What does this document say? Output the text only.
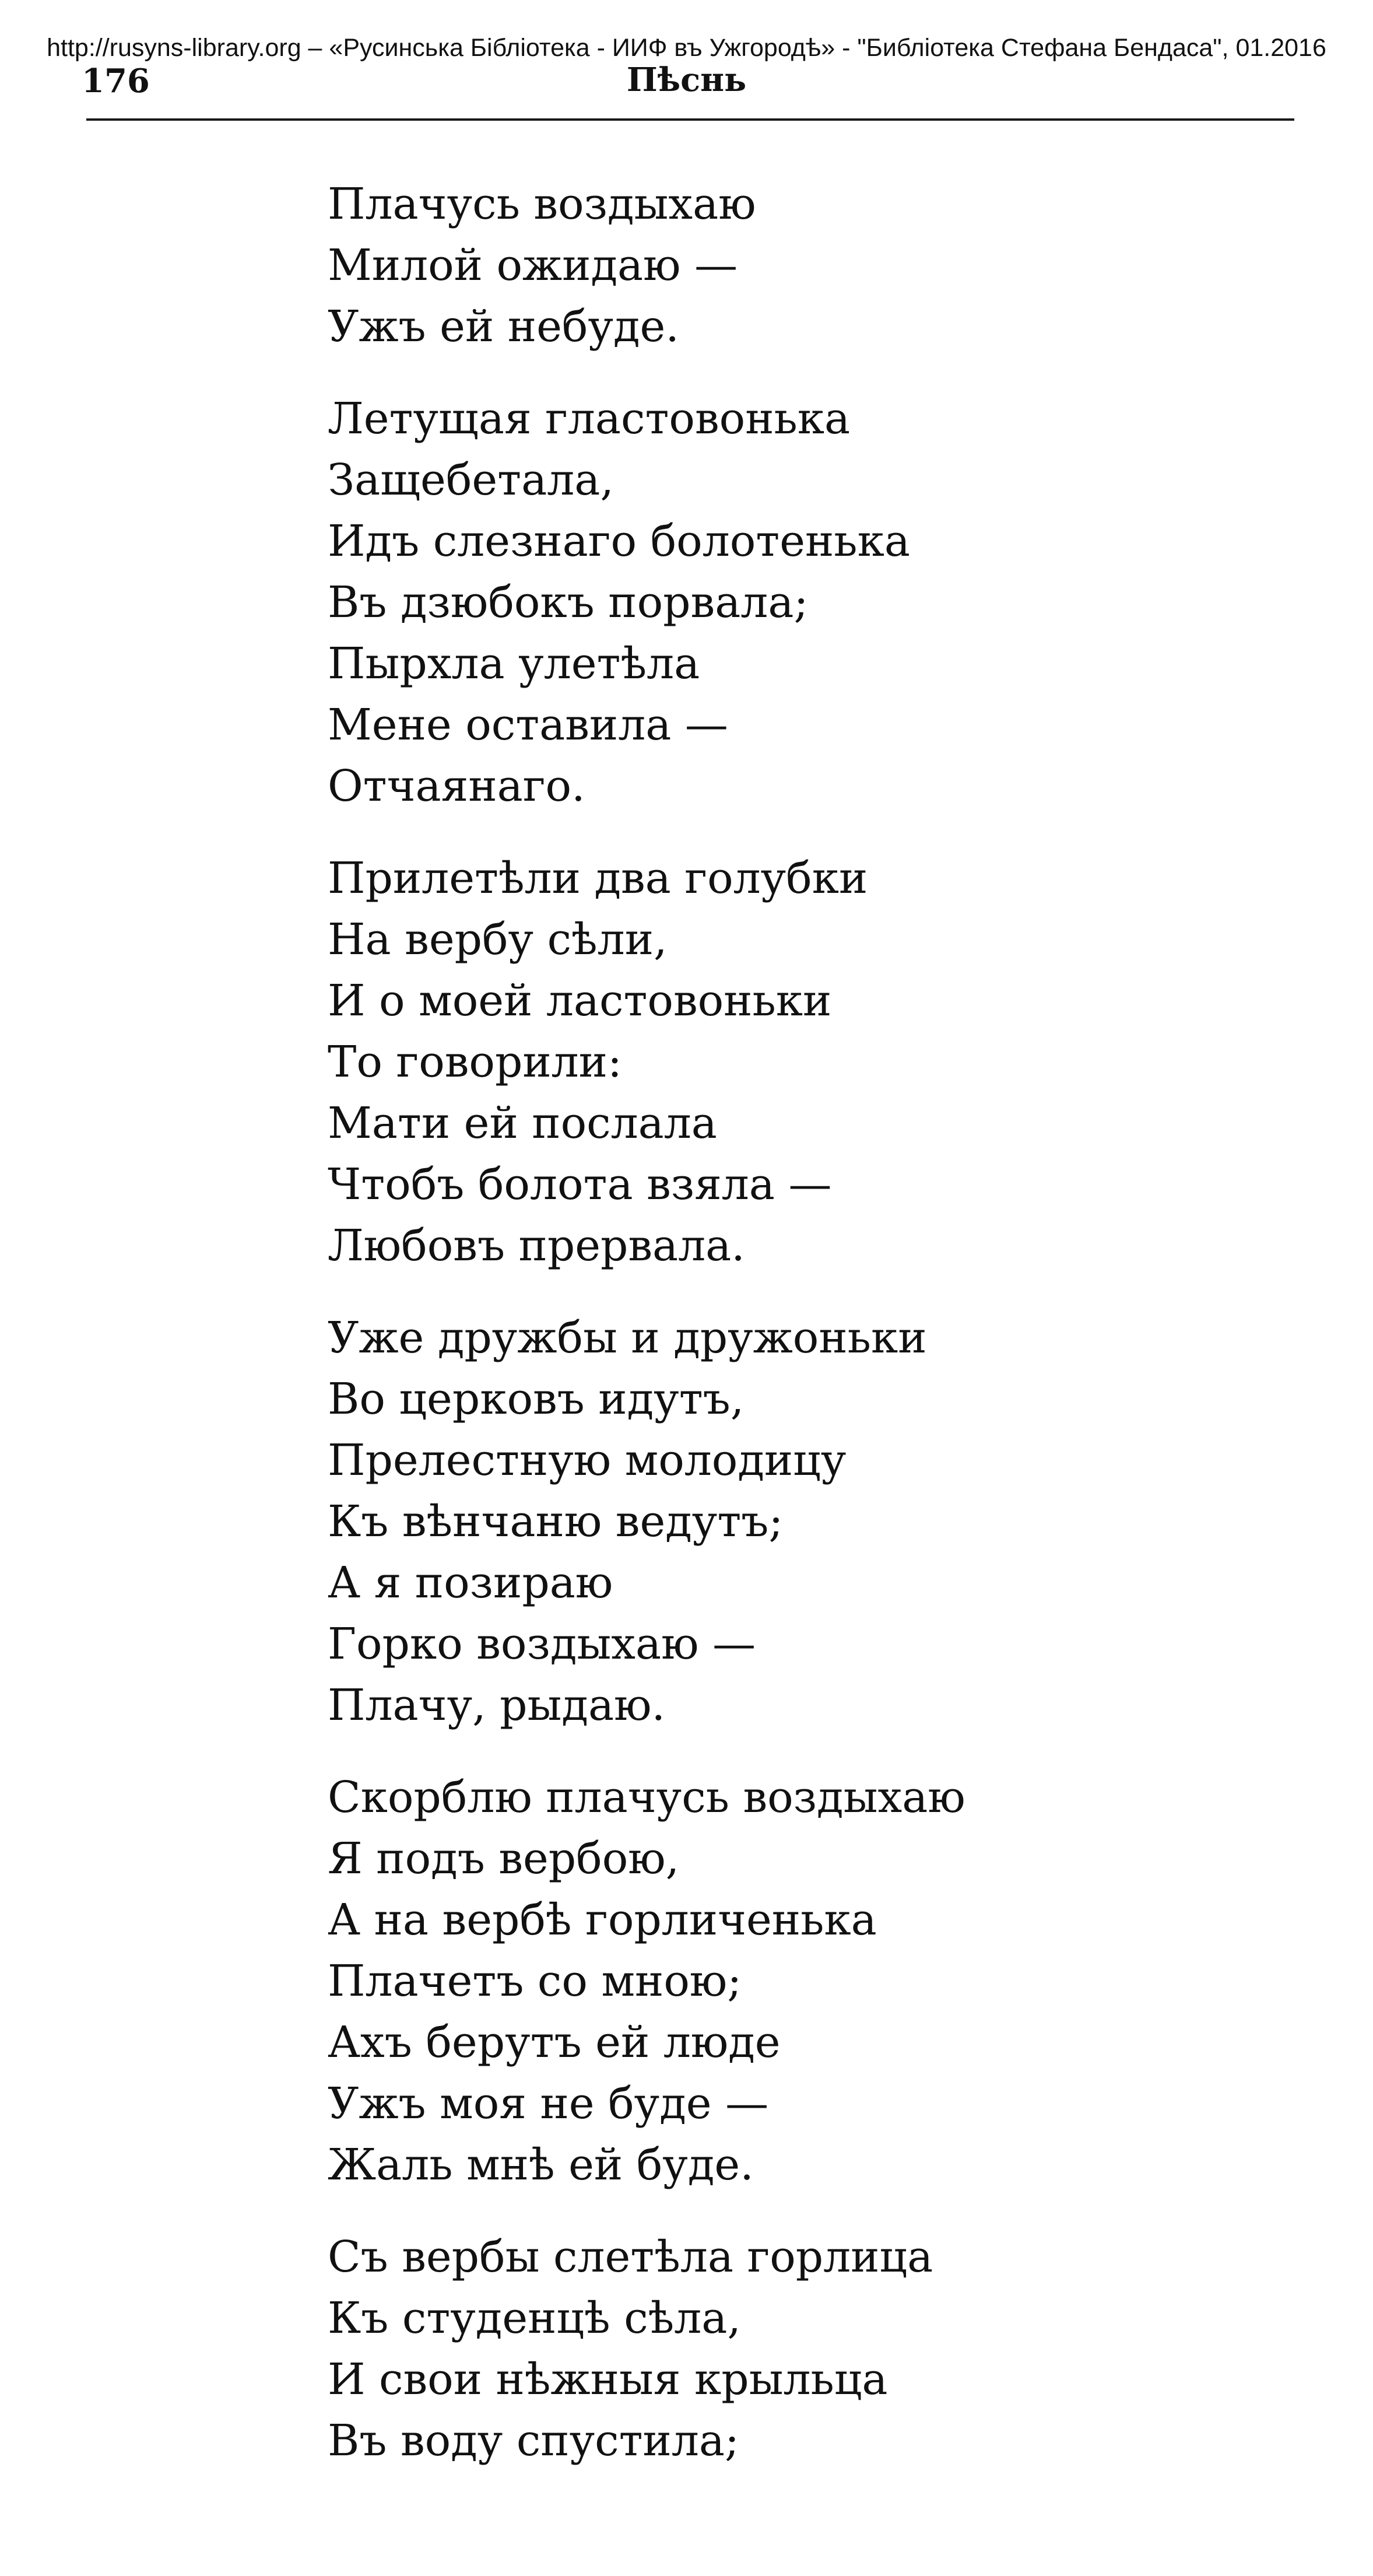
http://rusyns-library.org – «Русинська Бібліотека - ИИФ въ Ужгородѣ» - "Библіотека Стефана Бендаса", 01.2016
176	Пѣснь
Плачусь воздыхаю
Милой ожидаю —
Ужъ ей небуде.
Летущая гластовонька
Защебетала,
Идъ слезнаго болотенька
Въ дзюбокъ порвала;
Пырхла улетѣла
Мене оставила —
Отчаянаго.
Прилетѣли два голубки
На вербу сѣли,
И о моей ластовоньки
То говорили:
Мати ей послала
Чтобъ болота взяла —
Любовъ прервала.
Уже дружбы и дружоньки
Во церковъ идутъ,
Прелестную молодицу
Къ вѣнчаню ведутъ;
А я позираю
Горко воздыхаю —
Плачу, рыдаю.
Скорблю плачусь воздыхаю
Я подъ вербою,
А на вербѣ горличенька
Плачетъ со мною;
Ахъ берутъ ей люде
Ужъ моя не буде —
Жаль мнѣ ей буде.
Съ вербы слетѣла горлица
Къ студенцѣ сѣла,
И свои нѣжныя крыльца
Въ воду спустила;
